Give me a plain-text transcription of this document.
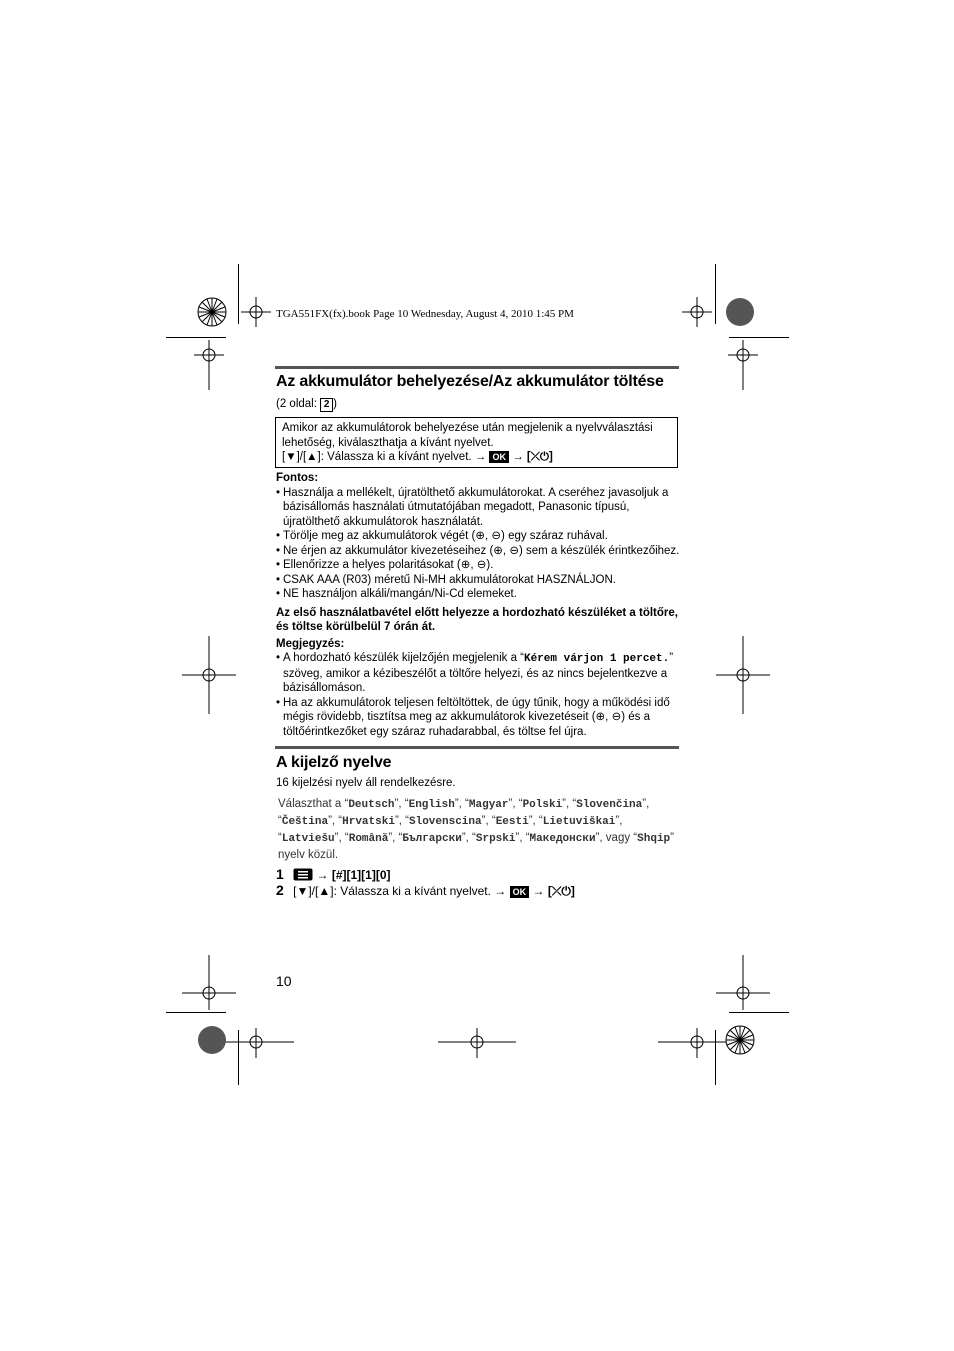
TGA551FX(fx).book Page 10 Wednesday, August 4, 2010 1:45 PM
Az akkumulátor behelyezése/Az akkumulátor töltése
(2 oldal: 2 )
Amikor az akkumulátorok behelyezése után megjelenik a nyelvválasztási
lehetőség, kiválaszthatja a kívánt nyelvet.
[▼]/[▲]: Válassza ki a kívánt nyelvet. → OK → [⤫⏻]
Fontos:
• Használja a mellékelt, újratölthető akkumulátorokat. A cseréhez javasoljuk a bázisállomás használati útmutatójában megadott, Panasonic típusú, újratölthető akkumulátorok használatát.
• Törölje meg az akkumulátorok végét (⊕, ⊖) egy száraz ruhával.
• Ne érjen az akkumulátor kivezetéseihez (⊕, ⊖) sem a készülék érintkezőihez.
• Ellenőrizze a helyes polaritásokat (⊕, ⊖).
• CSAK AAA (R03) méretű Ni-MH akkumulátorokat HASZNÁLJON.
• NE használjon alkáli/mangán/Ni-Cd elemeket.
Az első használatbavétel előtt helyezze a hordozható készüléket a töltőre, és töltse körülbelül 7 órán át.
Megjegyzés:
• A hordozható készülék kijelzőjén megjelenik a “Kérem várjon 1 percet.” szöveg, amikor a kézibeszélőt a töltőre helyezi, és az nincs bejelentkezve a bázisállomáson.
• Ha az akkumulátorok teljesen feltöltöttek, de úgy tűnik, hogy a működési idő mégis rövidebb, tisztítsa meg az akkumulátorok kivezetéseit (⊕, ⊖) és a töltőérintkezőket egy száraz ruhadarabbal, és töltse fel újra.
A kijelző nyelve
16 kijelzési nyelv áll rendelkezésre.
Választhat a “Deutsch”, “English”, “Magyar”, “Polski”, “Slovenčina”, “Čeština”, “Hrvatski”, “Slovenscina”, “Eesti”, “Lietuviškai”, “Latviešu”, “Română”, “Български”, “Srpski”, “Македонски”, vagy “Shqip” nyelv közül.
1	→ [#][1][1][0]
2 [▼]/[▲]: Válassza ki a kívánt nyelvet. → OK → [⤫⏻]
10
